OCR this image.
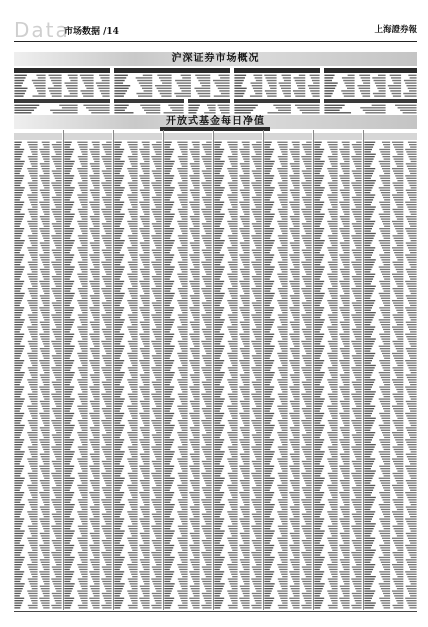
Data
市场数据 /14	上海證券報
沪深证券市场概况
开放式基金每日净值
